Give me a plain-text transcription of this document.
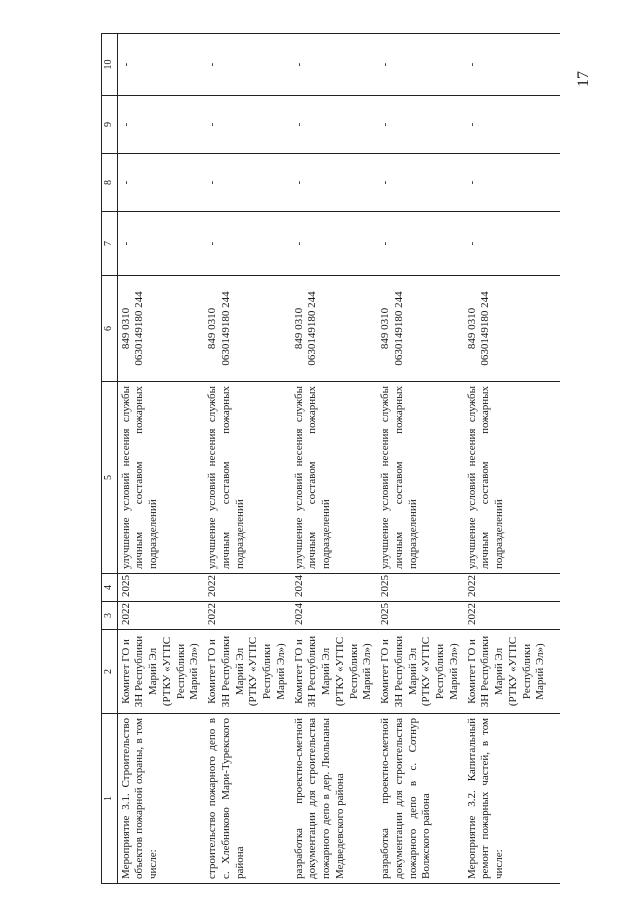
17
1	2	3	4	5	6	7	8	9	10
Мероприятие 3.1. Строительство объектов пожарной охраны, в том числе:	Комитет ГО и ЗН Республики Марий Эл (РТКУ «УГПС Республики Марий Эл»)	2022	2025	улучшение условий несения службы личным составом пожарных подразделений	849 0310 0630149180 244	-	-	-	-
строительство пожарного депо в с. Хлебниково Мари-Турекского района	Комитет ГО и ЗН Республики Марий Эл (РТКУ «УГПС Республики Марий Эл»)	2022	2022	улучшение условий несения службы личным составом пожарных подразделений	849 0310 0630149180 244	-	-	-	-
разработка проектно-сметной документации для строительства пожарного депо в дер. Люльпаны Медведевского района	Комитет ГО и ЗН Республики Марий Эл (РТКУ «УГПС Республики Марий Эл»)	2024	2024	улучшение условий несения службы личным составом пожарных подразделений	849 0310 0630149180 244	-	-	-	-
разработка проектно-сметной документации для строительства пожарного депо в с. Сотнур Волжского района	Комитет ГО и ЗН Республики Марий Эл (РТКУ «УГПС Республики Марий Эл»)	2025	2025	улучшение условий несения службы личным составом пожарных подразделений	849 0310 0630149180 244	-	-	-	-
Мероприятие 3.2. Капитальный ремонт пожарных частей, в том числе:	Комитет ГО и ЗН Республики Марий Эл (РТКУ «УГПС Республики Марий Эл»)	2022	2022	улучшение условий несения службы личным составом пожарных подразделений	849 0310 0630149180 244	-	-	-	-
